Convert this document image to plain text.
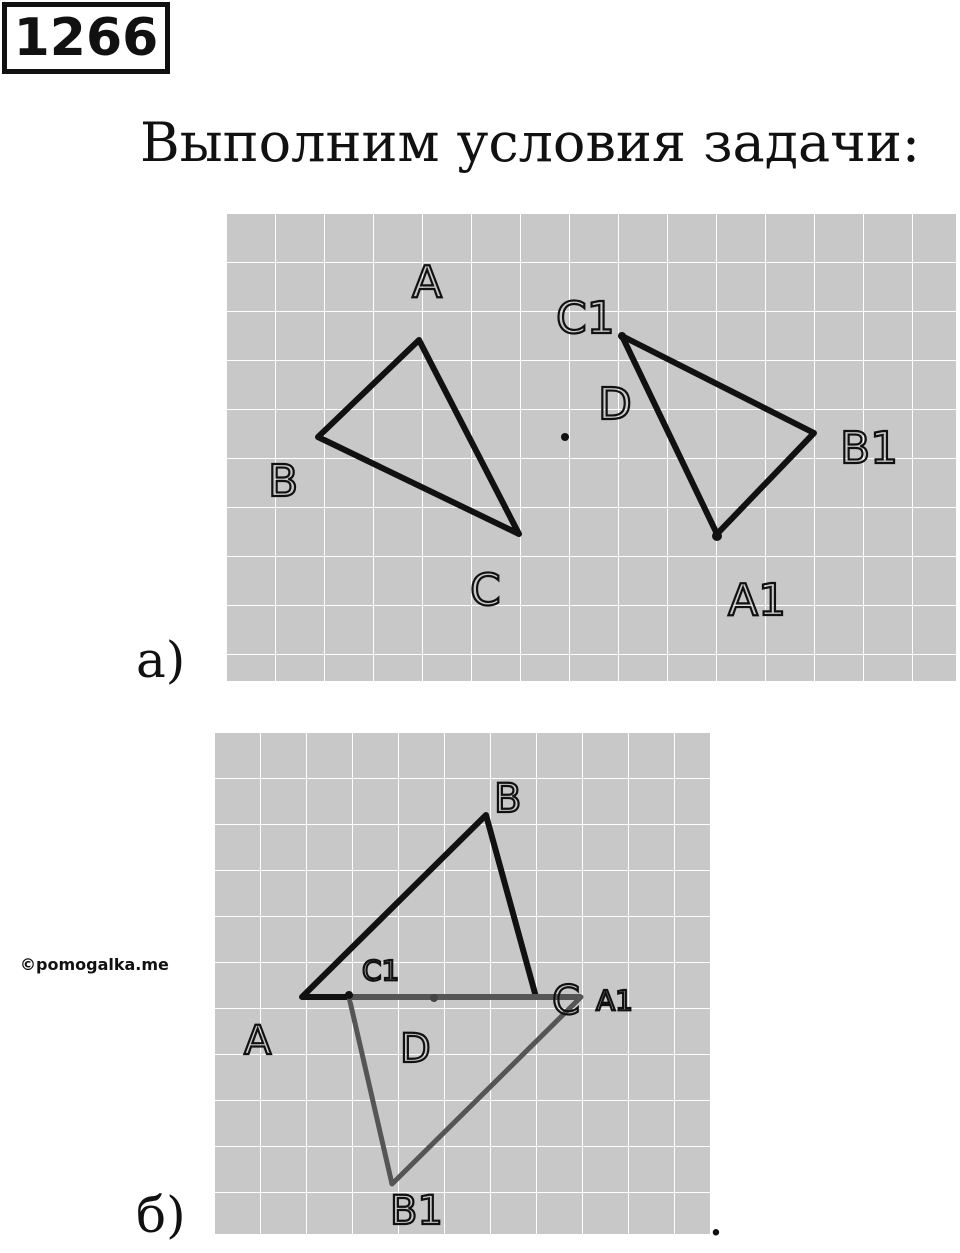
1266
Выполним условия задачи:
A
B
C
D
A1
B1
C1
а)
A
B
C
D
A1
B1
C1
б)
©pomogalka.me
.
